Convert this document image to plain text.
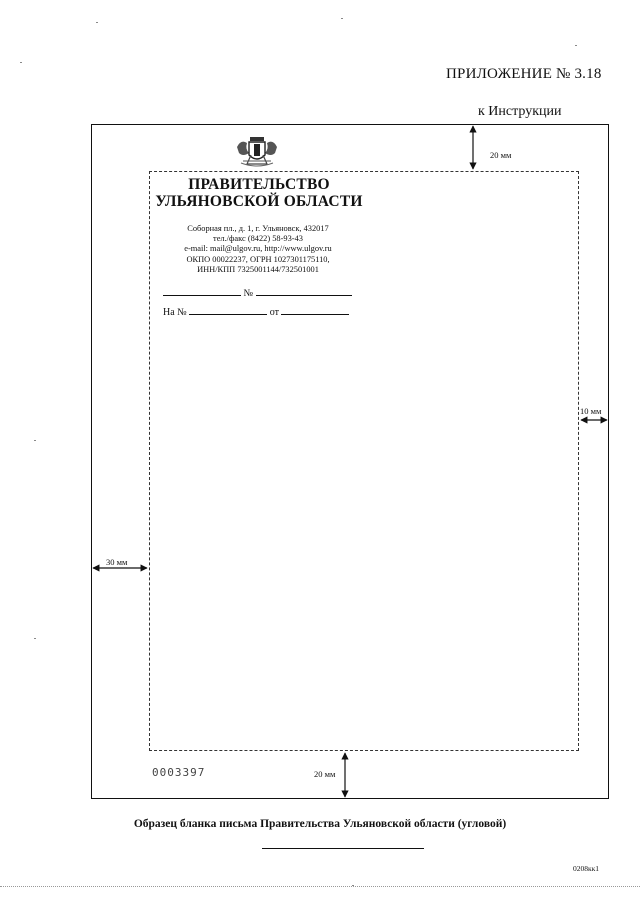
ПРИЛОЖЕНИЕ № 3.18
к Инструкции
ПРАВИТЕЛЬСТВО
УЛЬЯНОВСКОЙ ОБЛАСТИ
Соборная пл., д. 1, г. Ульяновск, 432017
тел./факс (8422) 58-93-43
e-mail: mail@ulgov.ru, http://www.ulgov.ru
ОКПО 00022237, ОГРН 1027301175110,
ИНН/КПП 7325001144/732501001
№
На №	от
20 мм
10 мм
30 мм
20 мм
0003397
Образец бланка письма Правительства Ульяновской области (угловой)
0208кк1
